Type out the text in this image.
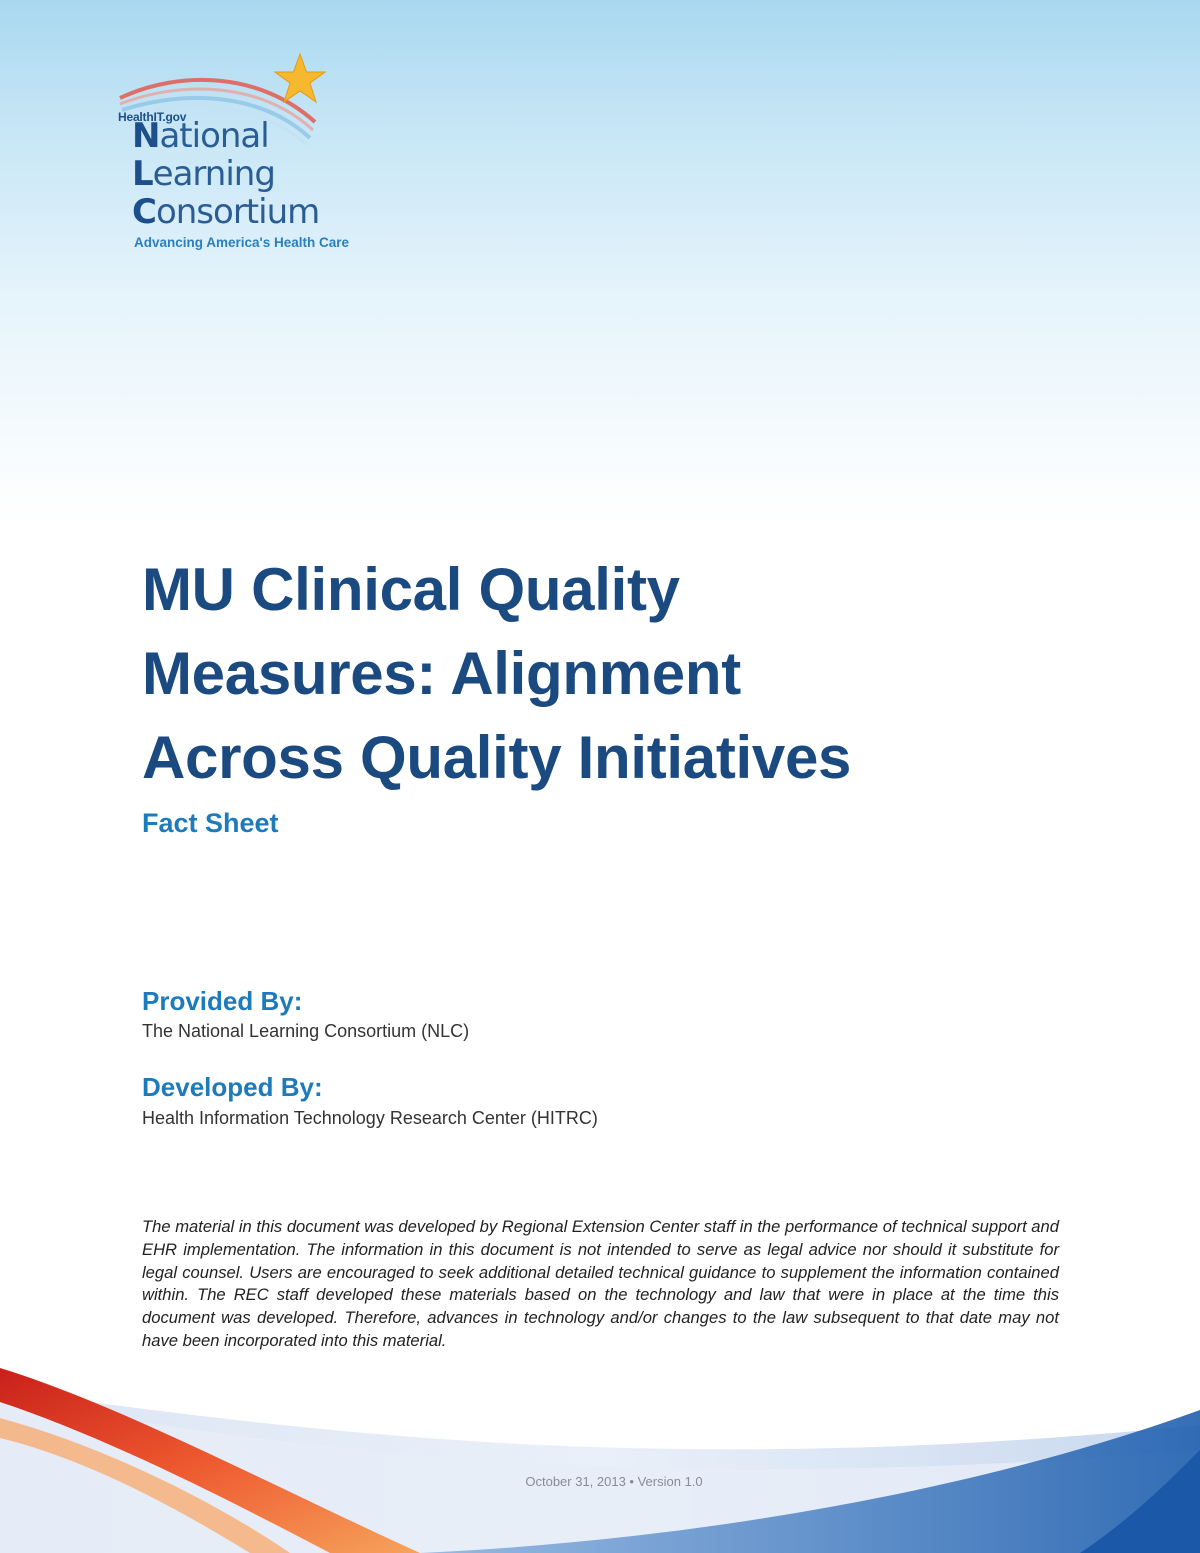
HealthIT.gov
National
Learning
Consortium
Advancing America's Health Care
MU Clinical Quality
Measures: Alignment
Across Quality Initiatives
Fact Sheet
Provided By:
The National Learning Consortium (NLC)
Developed By:
Health Information Technology Research Center (HITRC)

The material in this document was developed by Regional Extension Center staff in the performance of technical support and EHR implementation. The information in this document is not intended to serve as legal advice nor should it substitute for legal counsel. Users are encouraged to seek additional detailed technical guidance to supplement the information contained within. The REC staff developed these materials based on the technology and law that were in place at the time this document was developed. Therefore, advances in technology and/or changes to the law subsequent to that date may not have been incorporated into this material.

October 31, 2013 • Version 1.0
